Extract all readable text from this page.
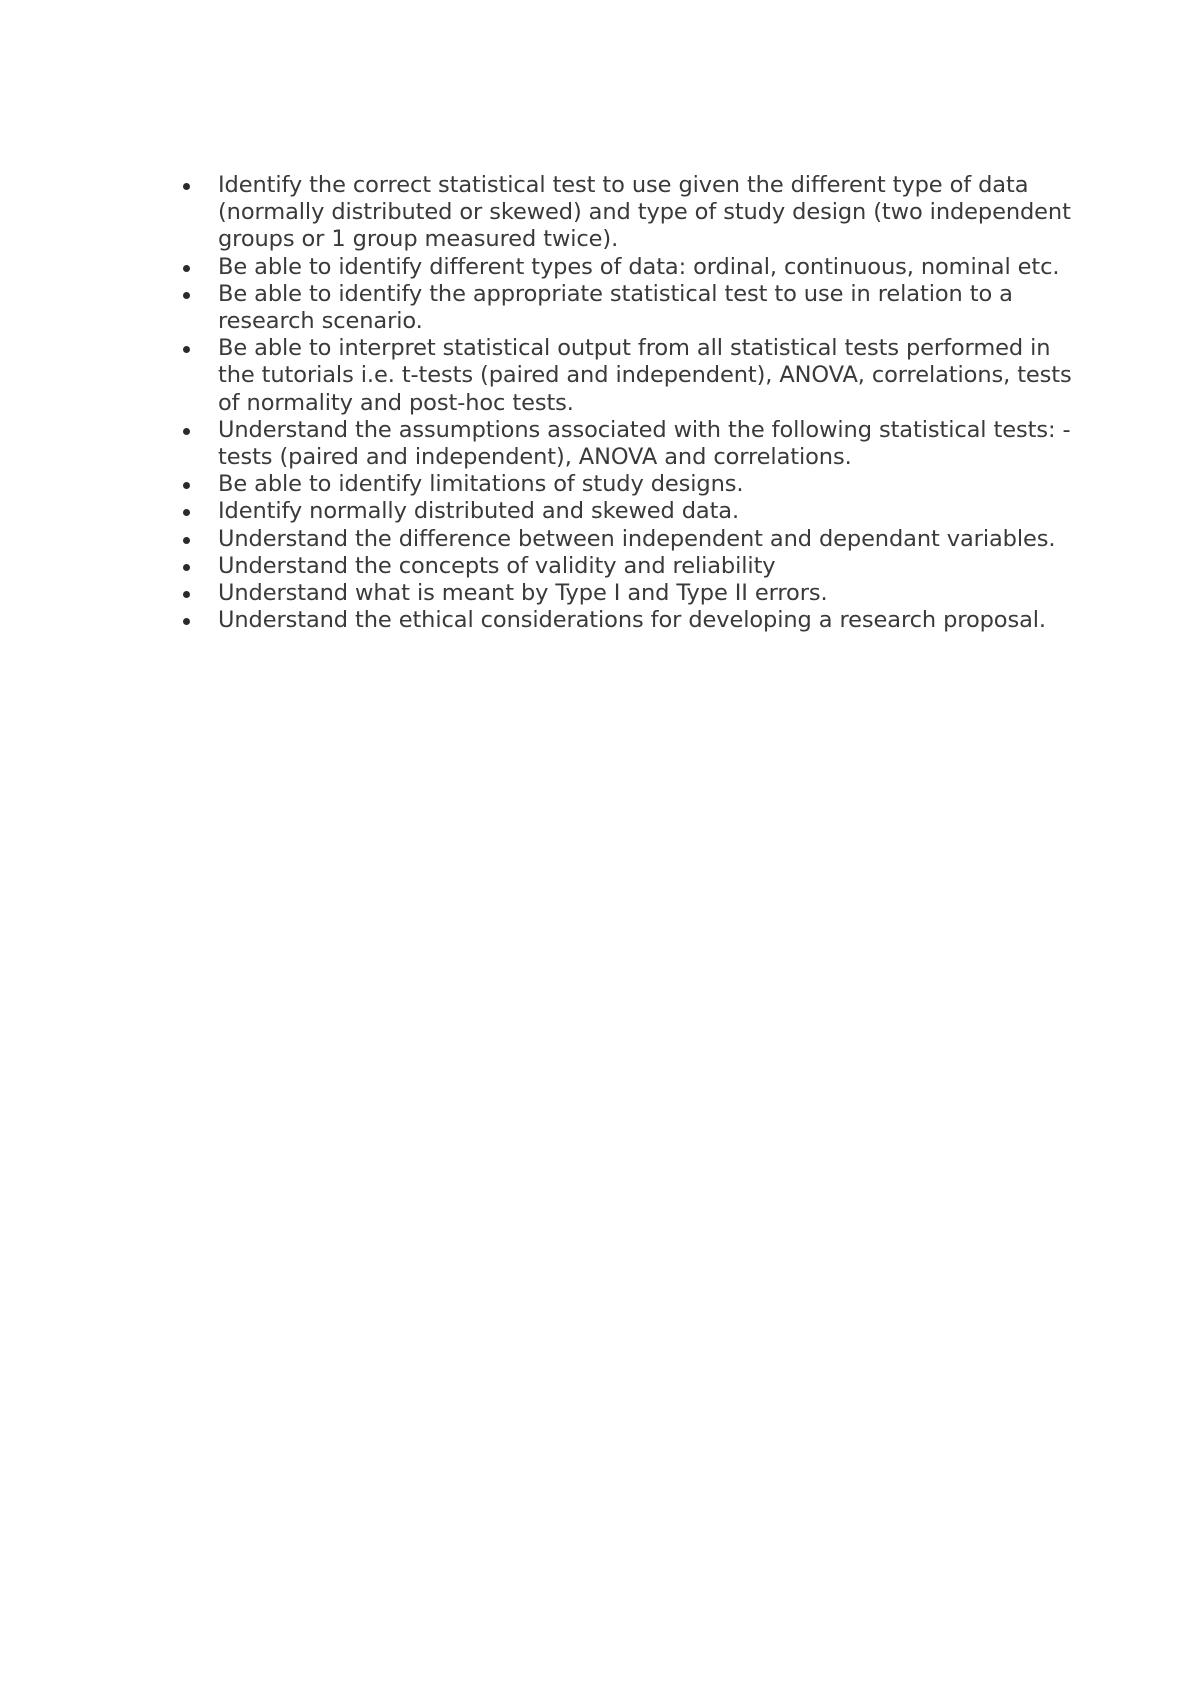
Identify the correct statistical test to use given the different type of data (normally distributed or skewed) and type of study design (two independent groups or 1 group measured twice).
Be able to identify different types of data: ordinal, continuous, nominal etc.
Be able to identify the appropriate statistical test to use in relation to a research scenario.
Be able to interpret statistical output from all statistical tests performed in the tutorials i.e. t-tests (paired and independent), ANOVA, correlations, tests of normality and post-hoc tests.
Understand the assumptions associated with the following statistical tests: -tests (paired and independent), ANOVA and correlations.
Be able to identify limitations of study designs.
Identify normally distributed and skewed data.
Understand the difference between independent and dependant variables.
Understand the concepts of validity and reliability
Understand what is meant by Type I and Type II errors.
Understand the ethical considerations for developing a research proposal.
